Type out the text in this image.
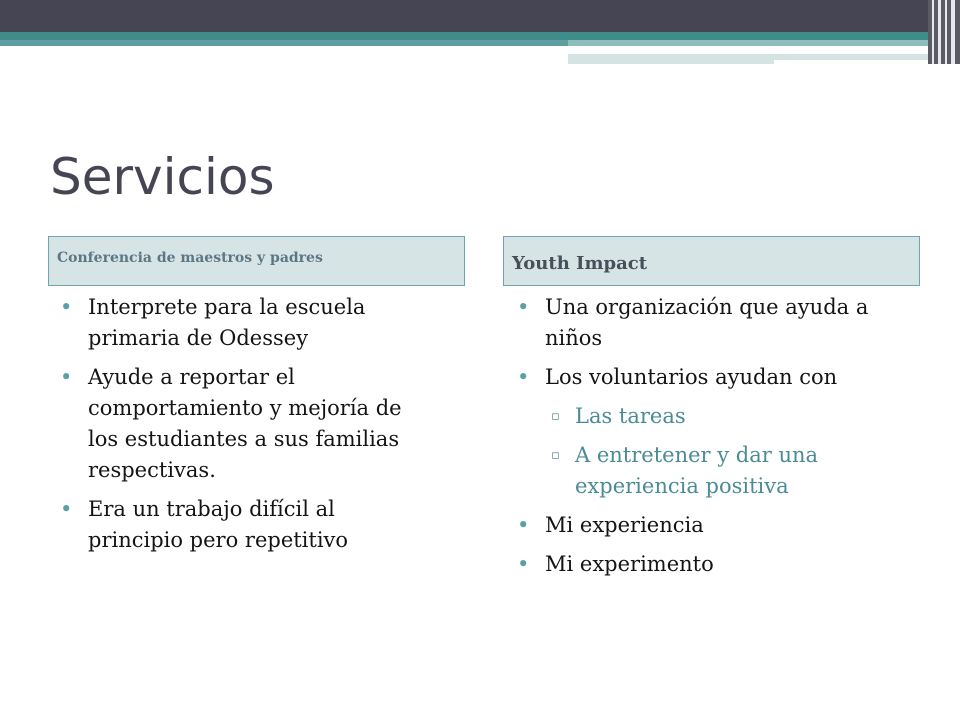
Servicios
Conferencia de maestros y padres	Youth Impact
• Interprete para la escuela primaria de Odessey
• Ayude a reportar el comportamiento y mejoría de los estudiantes a sus familias respectivas.
• Era un trabajo difícil al principio pero repetitivo
• Una organización que ayuda a niños
• Los voluntarios ayudan con
▫ Las tareas
▫ A entretener y dar una experiencia positiva
• Mi experiencia
• Mi experimento
